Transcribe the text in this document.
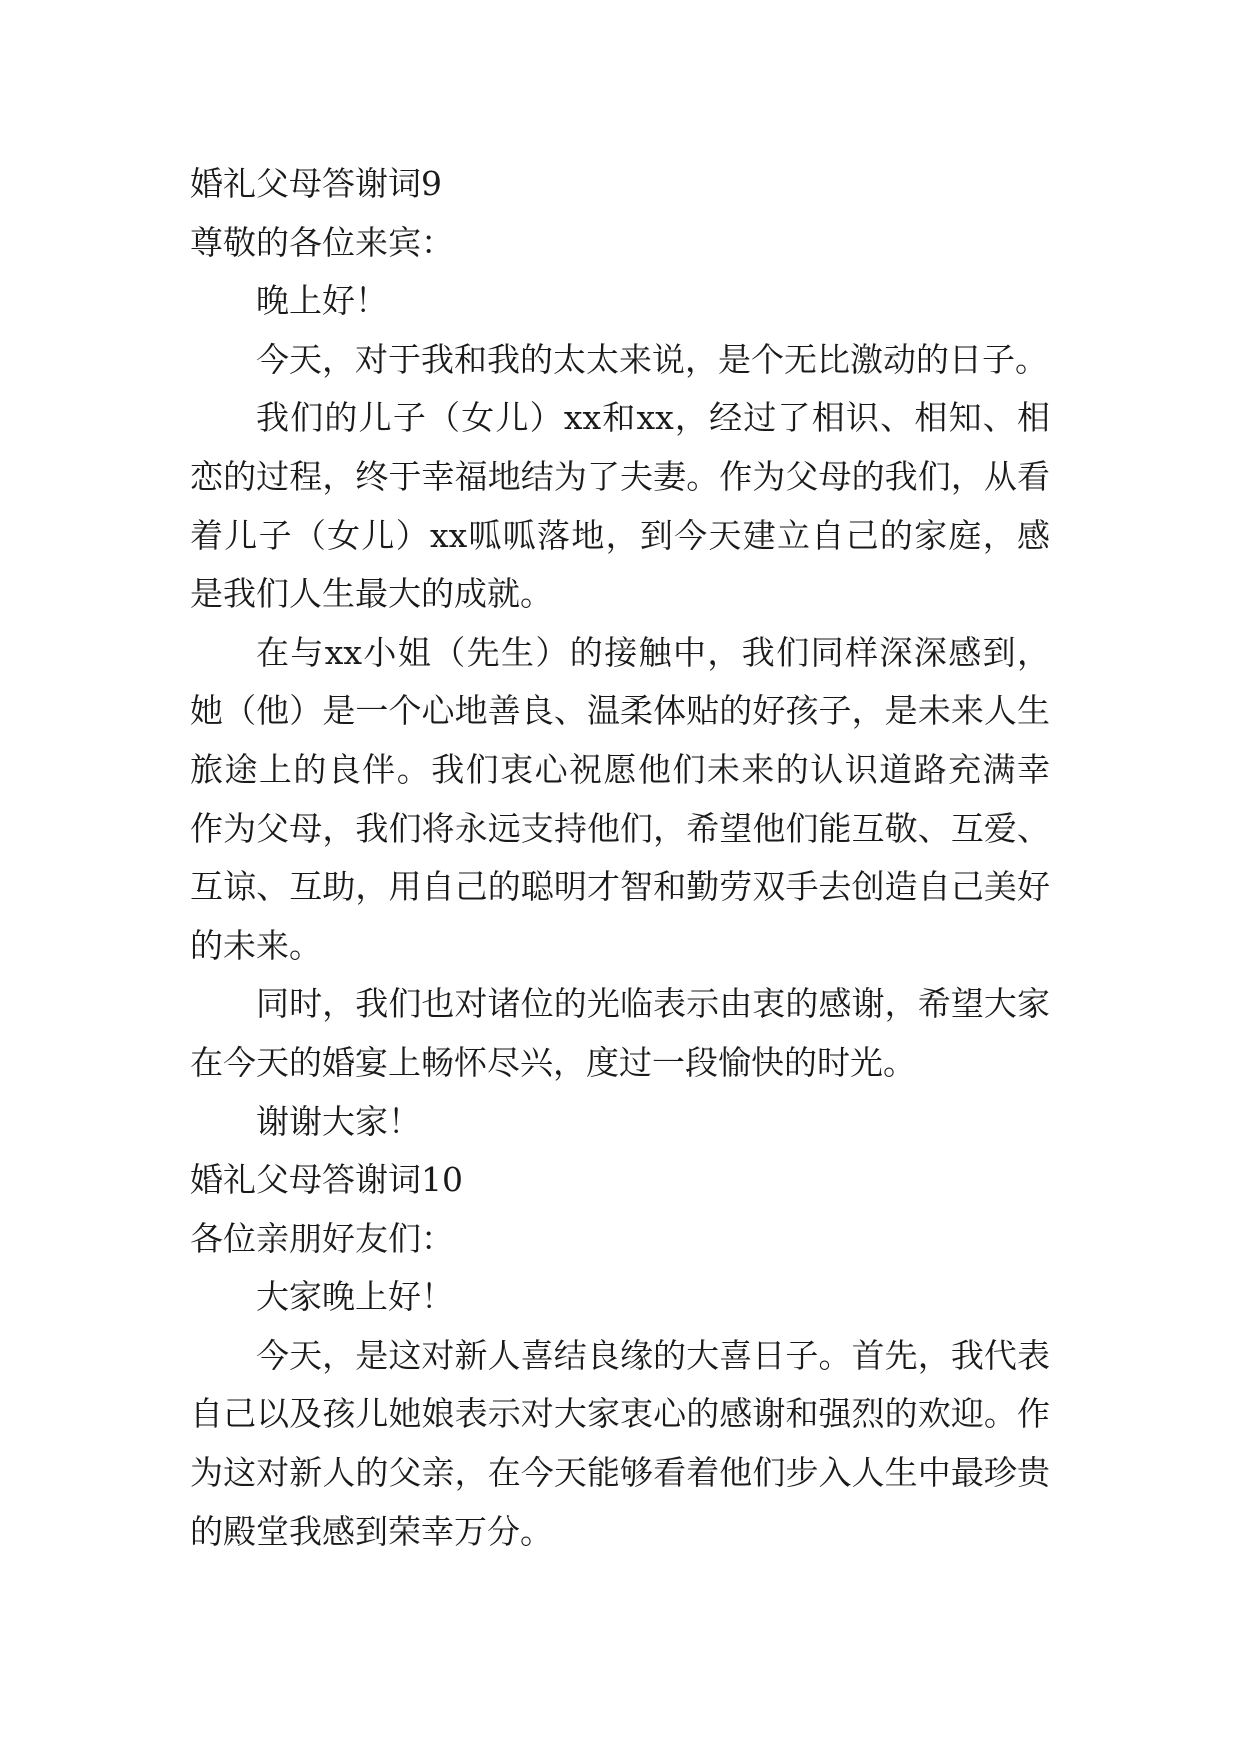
婚礼父母答谢词9
尊敬的各位来宾：
晚上好！
今天，对于我和我的太太来说，是个无比激动的日子。
我们的儿子（女儿）xx和xx，经过了相识、相知、相
恋的过程，终于幸福地结为了夫妻。作为父母的我们，从看
着儿子（女儿）xx呱呱落地，到今天建立自己的家庭，感
是我们人生最大的成就。
在与xx小姐（先生）的接触中，我们同样深深感到，
她（他）是一个心地善良、温柔体贴的好孩子，是未来人生
旅途上的良伴。我们衷心祝愿他们未来的认识道路充满幸
作为父母，我们将永远支持他们，希望他们能互敬、互爱、
互谅、互助，用自己的聪明才智和勤劳双手去创造自己美好
的未来。
同时，我们也对诸位的光临表示由衷的感谢，希望大家
在今天的婚宴上畅怀尽兴，度过一段愉快的时光。
谢谢大家！
婚礼父母答谢词10
各位亲朋好友们：
大家晚上好！
今天，是这对新人喜结良缘的大喜日子。首先，我代表
自己以及孩儿她娘表示对大家衷心的感谢和强烈的欢迎。作
为这对新人的父亲，在今天能够看着他们步入人生中最珍贵
的殿堂我感到荣幸万分。
